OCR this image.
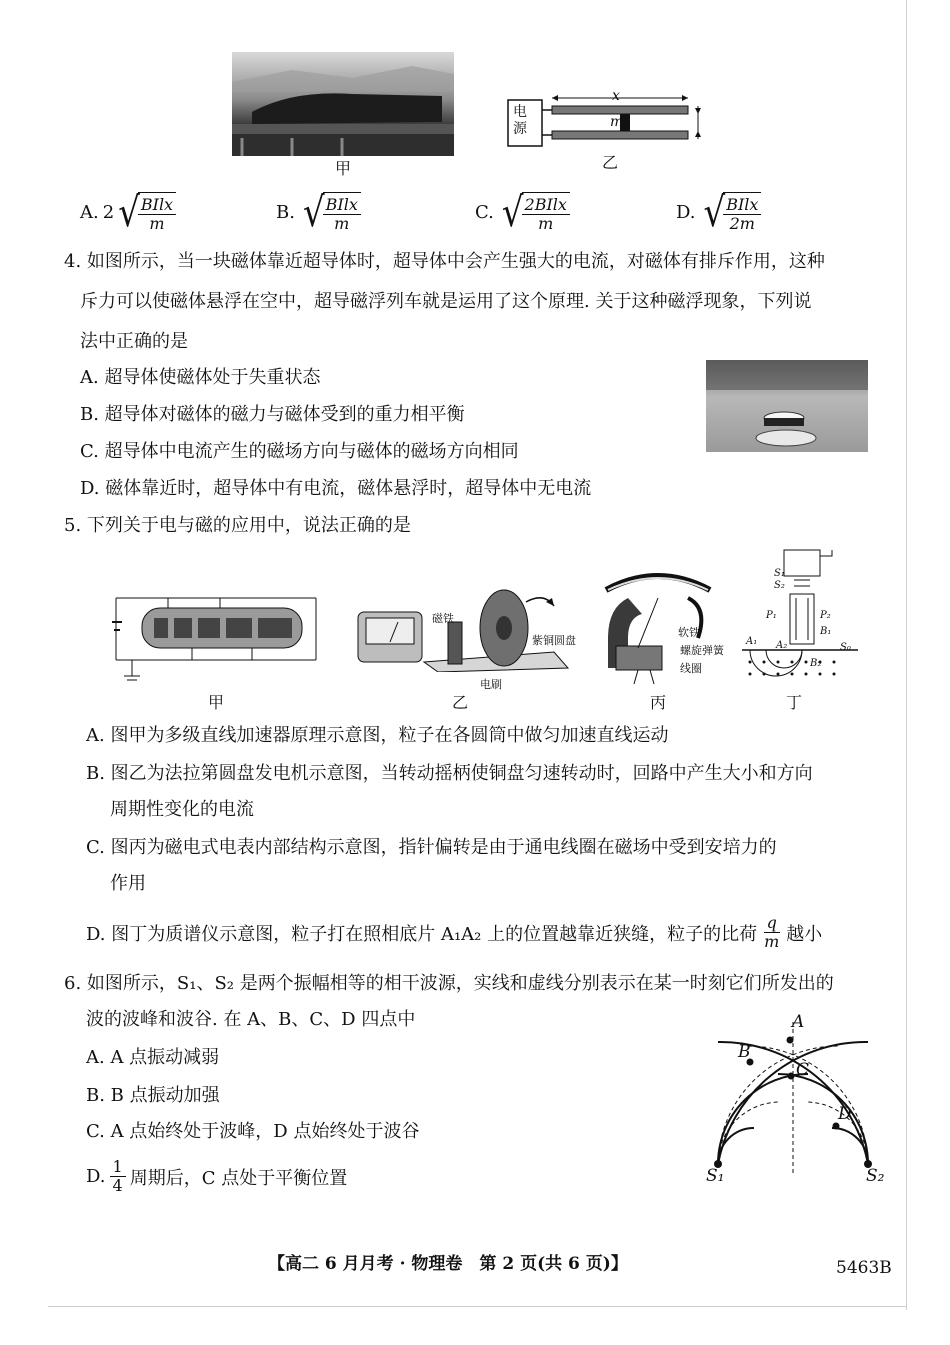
甲
电源
x
m
乙
A. 2 √
$\frac{\text{BIlx}}{m}$	B. √
$\frac{\text{BIlx}}{m}$	C. √
$\frac{\text{2BIlx}}{m}$	D. √
$\frac{\text{BIlx}}{2m}$
4. 如图所示，当一块磁体靠近超导体时，超导体中会产生强大的电流，对磁体有排斥作用，这种
斥力可以使磁体悬浮在空中，超导磁浮列车就是运用了这个原理. 关于这种磁浮现象，下列说
法中正确的是
A. 超导体使磁体处于失重状态
B. 超导体对磁体的磁力与磁体受到的重力相平衡
C. 超导体中电流产生的磁场方向与磁体的磁场方向相同
D. 磁体靠近时，超导体中有电流，磁体悬浮时，超导体中无电流
5. 下列关于电与磁的应用中，说法正确的是
甲
磁铁
紫铜圆盘
电刷
乙
软铁
螺旋弹簧
线圈
丙
S₁
S₂
P₁	P₂
B₁
S₀
A₁ A₂
B₂
丁
A. 图甲为多级直线加速器原理示意图，粒子在各圆筒中做匀加速直线运动
B. 图乙为法拉第圆盘发电机示意图，当转动摇柄使铜盘匀速转动时，回路中产生大小和方向
周期性变化的电流
C. 图丙为磁电式电表内部结构示意图，指针偏转是由于通电线圈在磁场中受到安培力的
作用
D. 图丁为质谱仪示意图，粒子打在照相底片 A₁A₂ 上的位置越靠近狭缝，粒子的比荷 $\frac{q}{m}$ 越小
6. 如图所示，S₁、S₂ 是两个振幅相等的相干波源，实线和虚线分别表示在某一时刻它们所发出的
波的波峰和波谷. 在 A、B、C、D 四点中
A. A 点振动减弱
B. B 点振动加强
C. A 点始终处于波峰，D 点始终处于波谷
D. $\frac{1}{4}$ 周期后，C 点处于平衡位置
A
B
C
D
S₁	S₂
【高二 6 月月考 · 物理卷　第 2 页(共 6 页)】	5463B
